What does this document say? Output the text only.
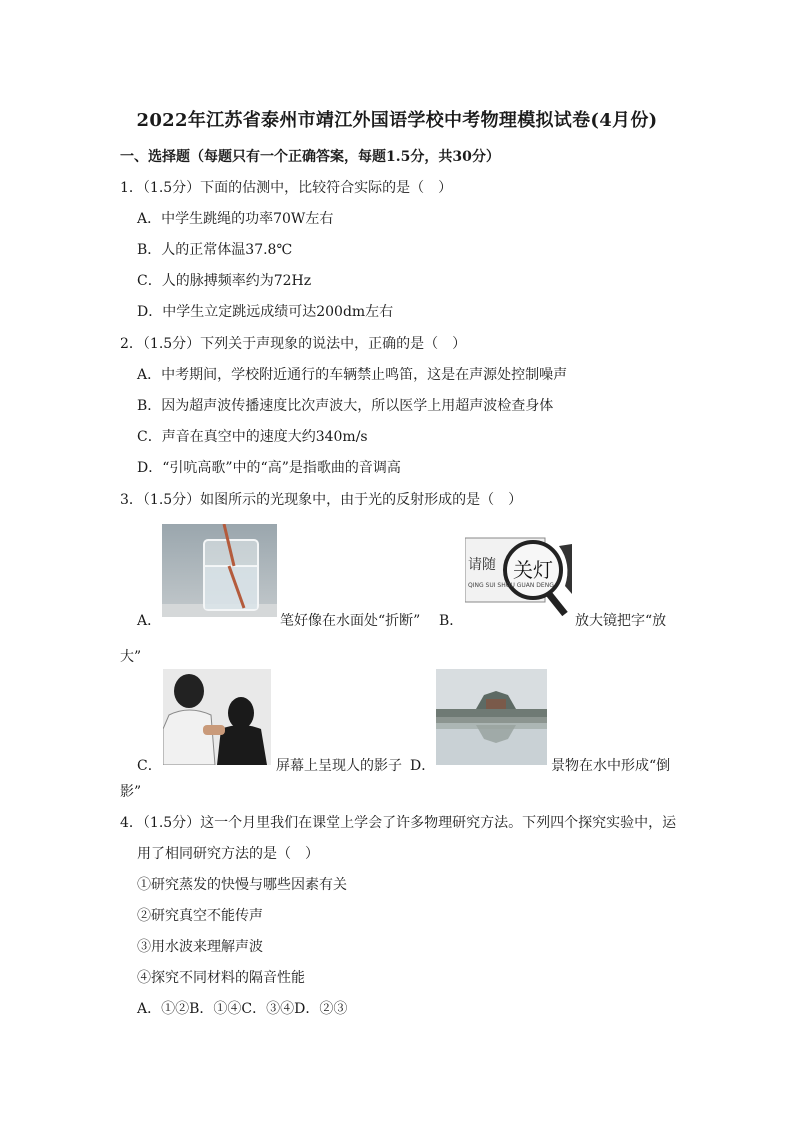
2022年江苏省泰州市靖江外国语学校中考物理模拟试卷(4月份)
一、选择题（每题只有一个正确答案，每题1.5分，共30分）
1．（1.5分）下面的估测中，比较符合实际的是（　）
A．中学生跳绳的功率70W左右
B．人的正常体温37.8℃
C．人的脉搏频率约为72Hz
D．中学生立定跳远成绩可达200dm左右
2．（1.5分）下列关于声现象的说法中，正确的是（　）
A．中考期间，学校附近通行的车辆禁止鸣笛，这是在声源处控制噪声
B．因为超声波传播速度比次声波大，所以医学上用超声波检查身体
C．声音在真空中的速度大约340m/s
D．“引吭高歌”中的“高”是指歌曲的音调高
3．（1.5分）如图所示的光现象中，由于光的反射形成的是（　）
A．	笔好像在水面处“折断” B．
请随 关灯
QING SUI SHOU GUAN DENG
放大镜把字“放
大”
C．	屏幕上呈现人的影子 D．	景物在水中形成“倒
影”
4．（1.5分）这一个月里我们在课堂上学会了许多物理研究方法。下列四个探究实验中，运
用了相同研究方法的是（　）
①研究蒸发的快慢与哪些因素有关
②研究真空不能传声
③用水波来理解声波
④探究不同材料的隔音性能
A．①②B．①④C．③④D．②③
